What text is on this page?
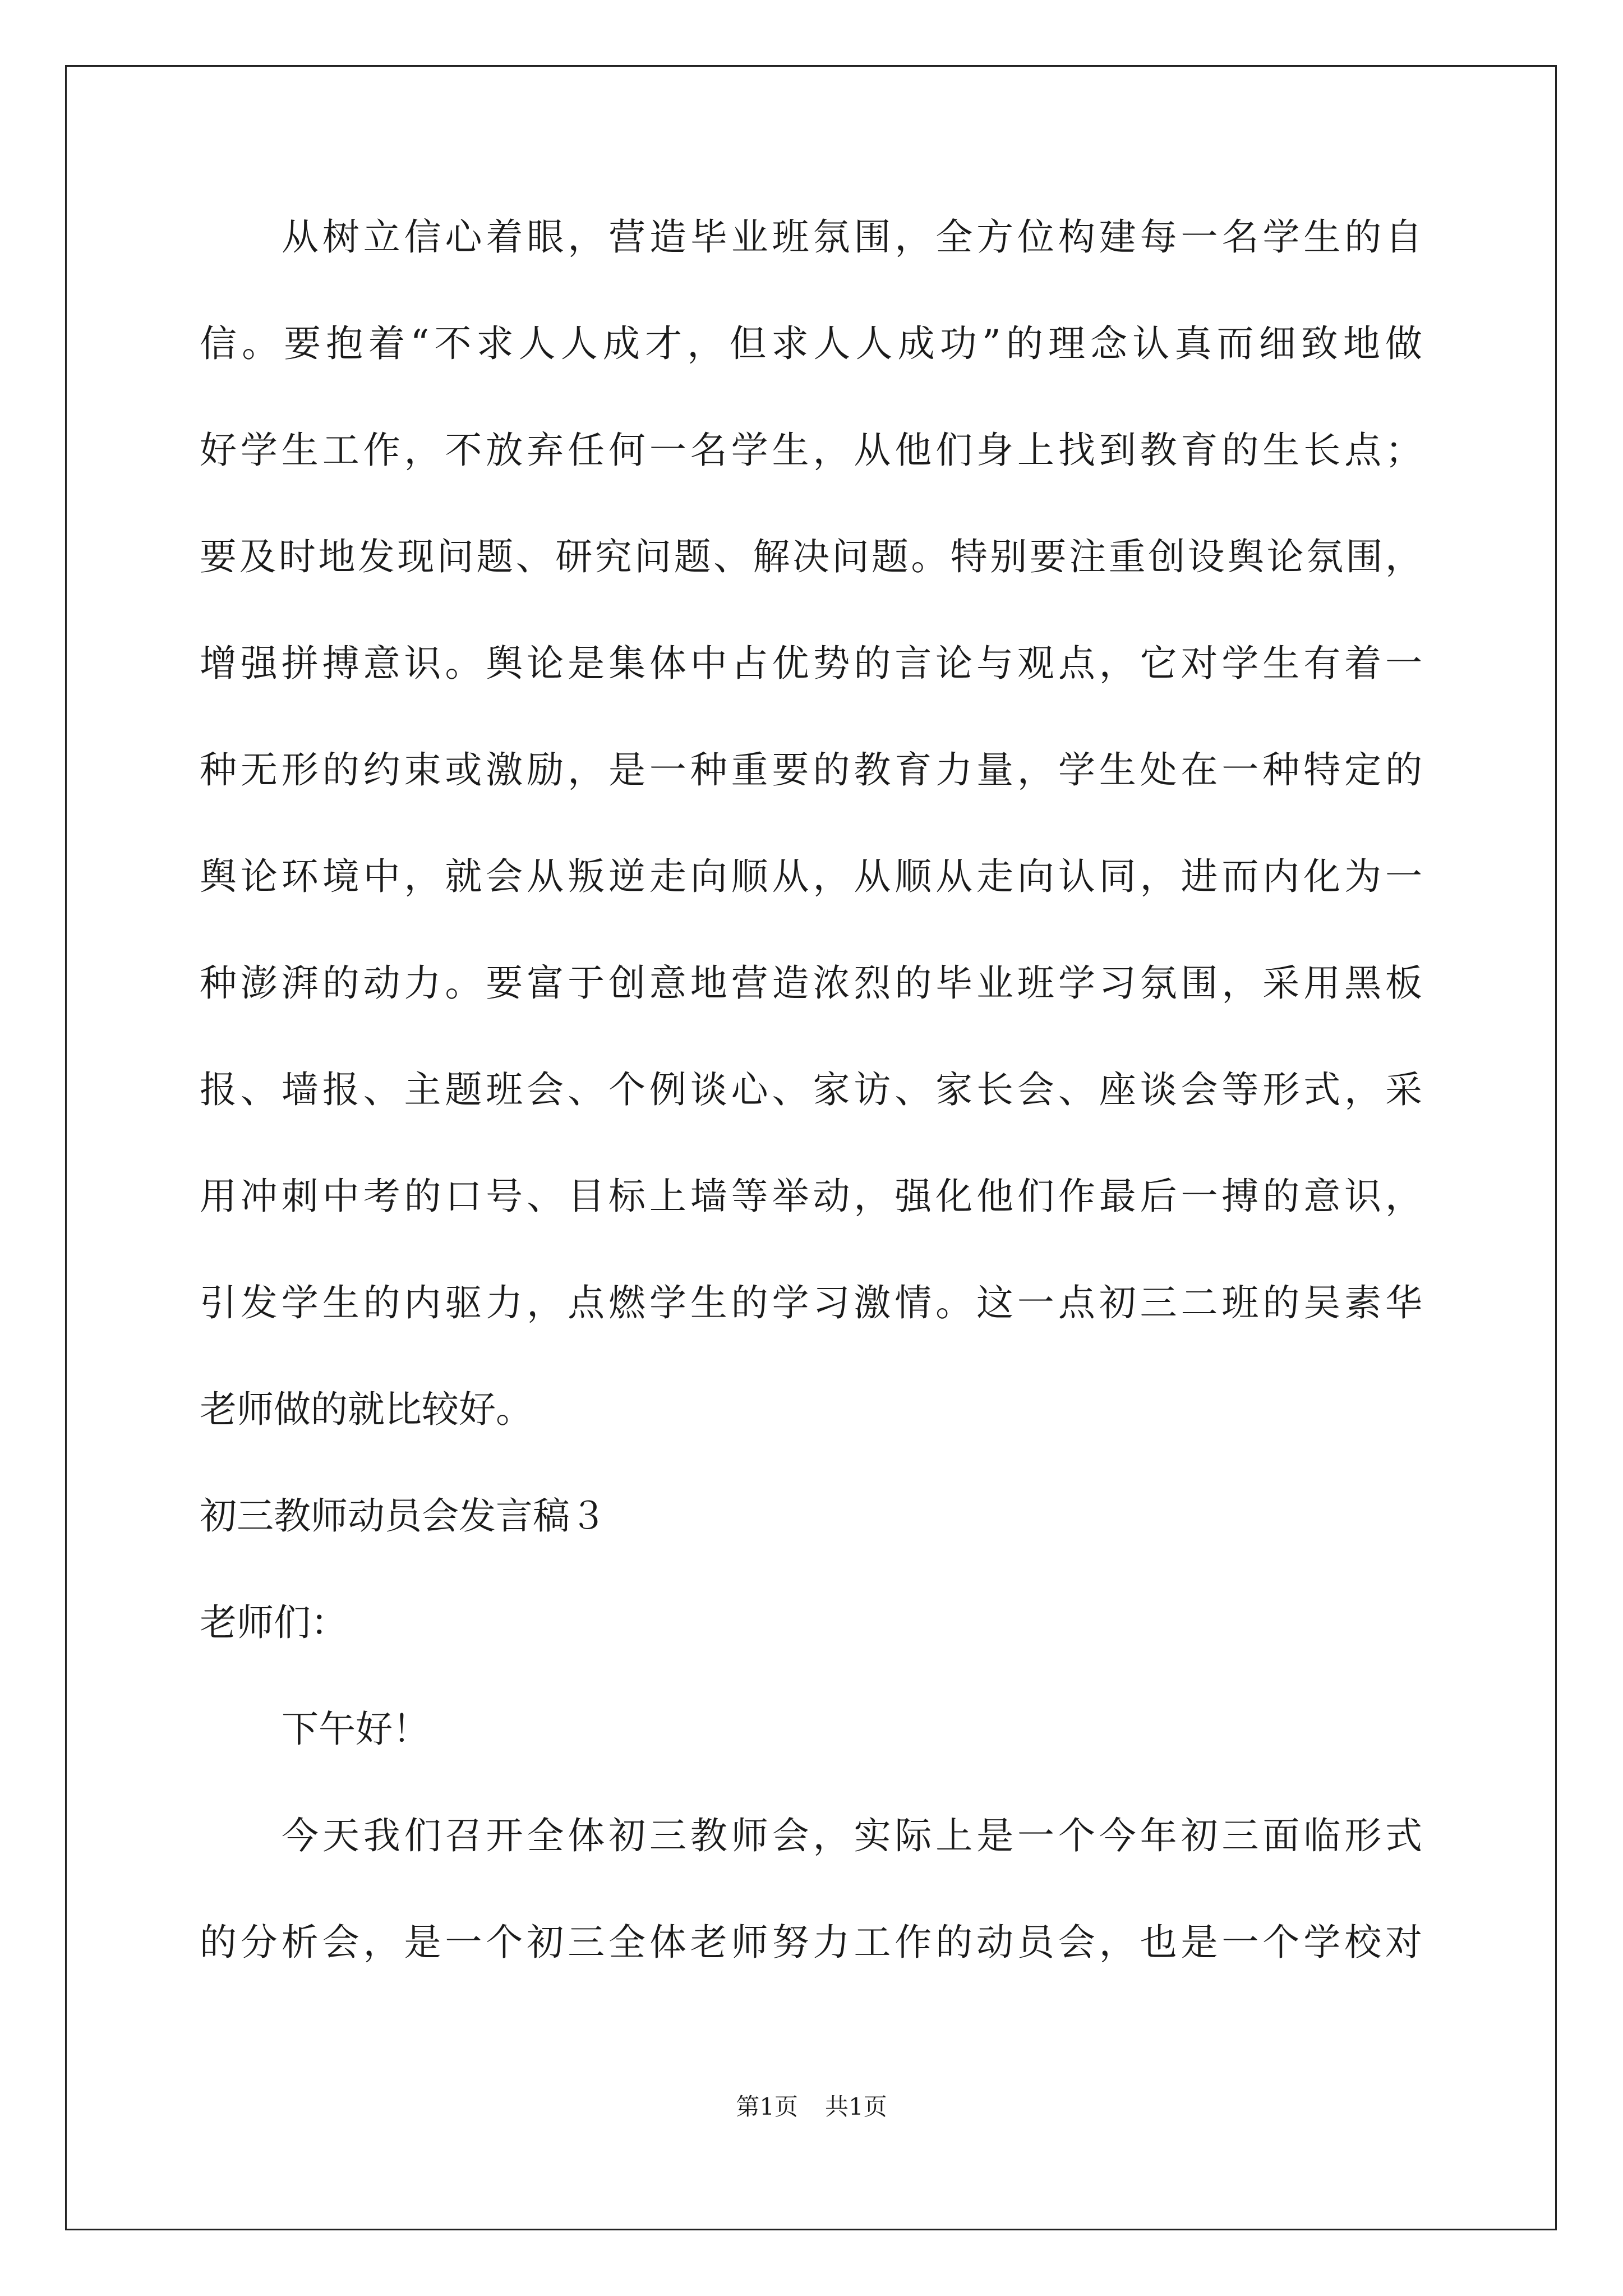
从树立信心着眼，营造毕业班氛围，全方位构建每一名学生的自
信。要抱着“不求人人成才，但求人人成功”的理念认真而细致地做
好学生工作，不放弃任何一名学生，从他们身上找到教育的生长点；
要及时地发现问题、研究问题、解决问题。特别要注重创设舆论氛围，
增强拼搏意识。舆论是集体中占优势的言论与观点，它对学生有着一
种无形的约束或激励，是一种重要的教育力量，学生处在一种特定的
舆论环境中，就会从叛逆走向顺从，从顺从走向认同，进而内化为一
种澎湃的动力。要富于创意地营造浓烈的毕业班学习氛围，采用黑板
报、墙报、主题班会、个例谈心、家访、家长会、座谈会等形式，采
用冲刺中考的口号、目标上墙等举动，强化他们作最后一搏的意识，
引发学生的内驱力，点燃学生的学习激情。这一点初三二班的吴素华
老师做的就比较好。
初三教师动员会发言稿３
老师们：
下午好！
今天我们召开全体初三教师会，实际上是一个今年初三面临形式
的分析会，是一个初三全体老师努力工作的动员会，也是一个学校对
第1页 共1页
